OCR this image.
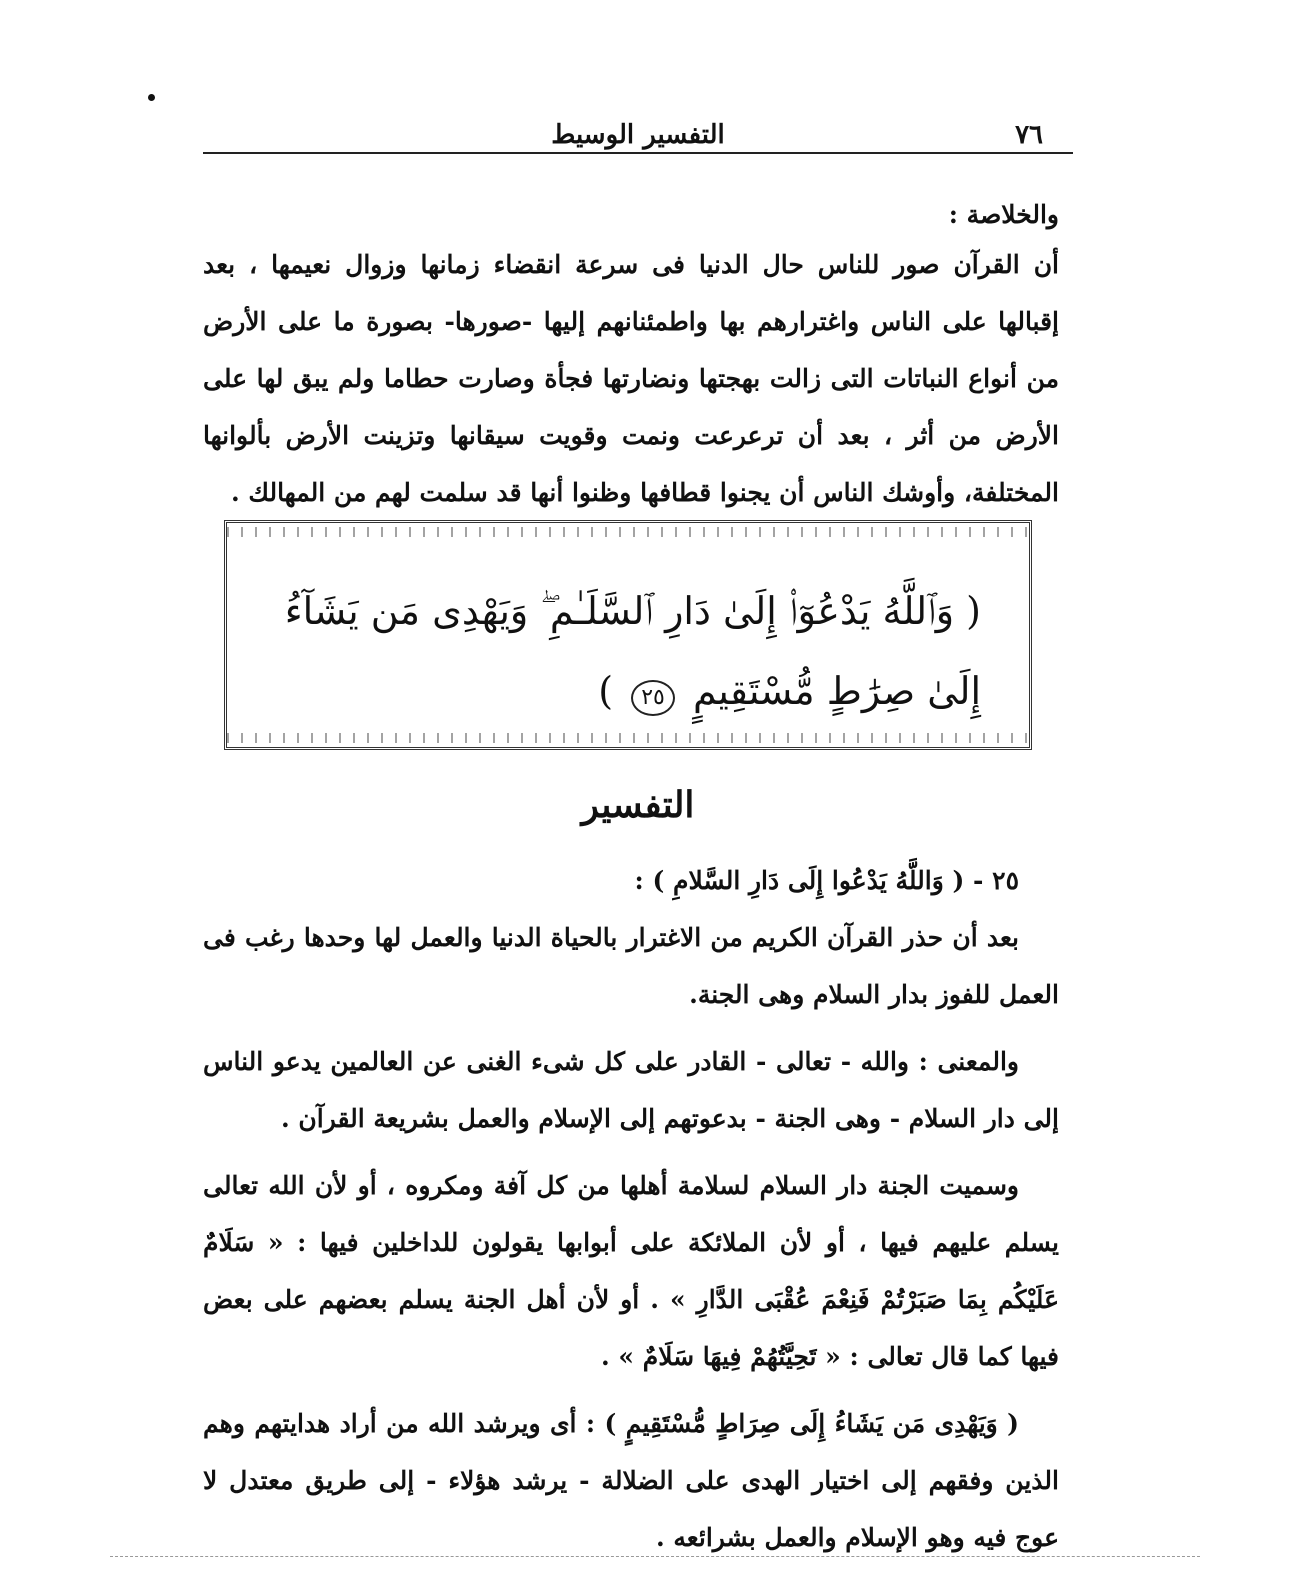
٧٦
التفسير الوسيط
والخلاصة :
أن القرآن صور للناس حال الدنيا فى سرعة انقضاء زمانها وزوال نعيمها ، بعد إقبالها على الناس واغترارهم بها واطمئنانهم إليها -صورها- بصورة ما على الأرض من أنواع النباتات التى زالت بهجتها ونضارتها فجأة وصارت حطاما ولم يبق لها على الأرض من أثر ، بعد أن ترعرعت ونمت وقويت سيقانها وتزينت الأرض بألوانها المختلفة، وأوشك الناس أن يجنوا قطافها وظنوا أنها قد سلمت لهم من المهالك .
( وَٱللَّهُ يَدْعُوٓا۟ إِلَىٰ دَارِ ٱلسَّلَـٰمِ ۖ وَيَهْدِى مَن يَشَآءُ إِلَىٰ صِرَٰطٍ مُّسْتَقِيمٍ ٢٥ )
التفسير

٢٥ - ( وَاللَّهُ يَدْعُوا إِلَى دَارِ السَّلامِ ) :

بعد أن حذر القرآن الكريم من الاغترار بالحياة الدنيا والعمل لها وحدها رغب فى العمل للفوز بدار السلام وهى الجنة.

والمعنى : والله - تعالى - القادر على كل شىء الغنى عن العالمين يدعو الناس إلى دار السلام - وهى الجنة - بدعوتهم إلى الإسلام والعمل بشريعة القرآن .

وسميت الجنة دار السلام لسلامة أهلها من كل آفة ومكروه ، أو لأن الله تعالى يسلم عليهم فيها ، أو لأن الملائكة على أبوابها يقولون للداخلين فيها : « سَلَامٌ عَلَيْكُم بِمَا صَبَرْتُمْ فَنِعْمَ عُقْبَى الدَّارِ » . أو لأن أهل الجنة يسلم بعضهم على بعض فيها كما قال تعالى : « تَحِيَّتُهُمْ فِيهَا سَلَامٌ » .

( وَيَهْدِى مَن يَشَاءُ إِلَى صِرَاطٍ مُّسْتَقِيمٍ ) : أى ويرشد الله من أراد هدايتهم وهم الذين وفقهم إلى اختيار الهدى على الضلالة - يرشد هؤلاء - إلى طريق معتدل لا عوج فيه وهو الإسلام والعمل بشرائعه .
